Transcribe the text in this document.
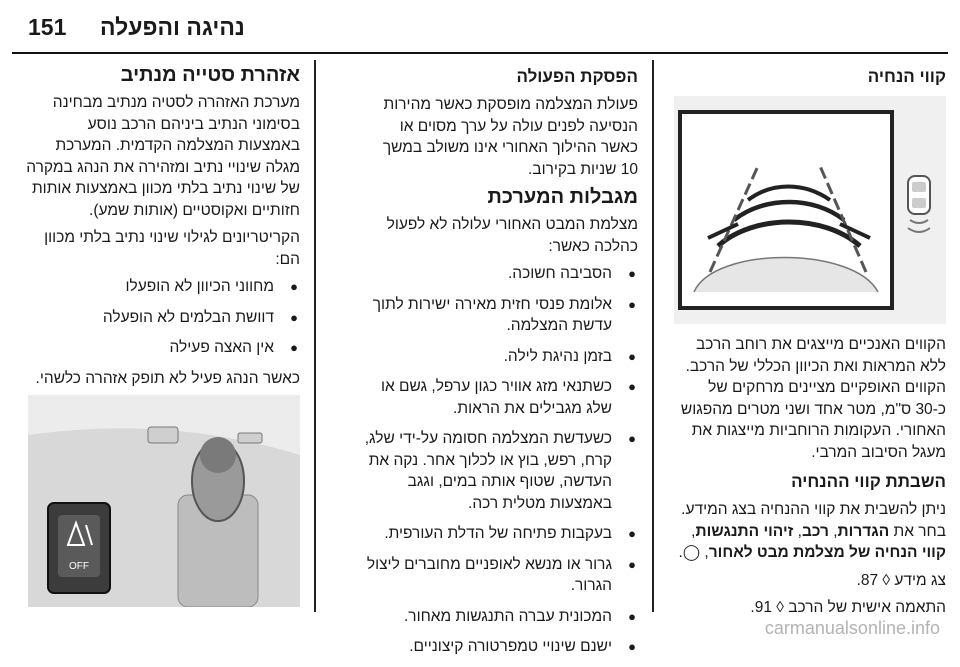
151 נהיגה והפעלה
קווי הנחיה

הקווים האנכיים מייצגים את רוחב הרכב ללא המראות ואת הכיוון הכללי של הרכב. הקווים האופקיים מציינים מרחקים של כ-30 ס"מ, מטר אחד ושני מטרים מהפגוש האחורי. העקומות הרוחביות מייצגות את מעגל הסיבוב המרבי.

השבתת קווי ההנחיה

ניתן להשבית את קווי ההנחיה בצג המידע. בחר את הגדרות, רכב, זיהוי התנגשות, קווי הנחיה של מצלמת מבט לאחור, ◯.

צג מידע ◊ 87.

התאמה אישית של הרכב ◊ 91.

הפסקת הפעולה

פעולת המצלמה מופסקת כאשר מהירות הנסיעה לפנים עולה על ערך מסוים או כאשר ההילוך האחורי אינו משולב במשך 10 שניות בקירוב.

מגבלות המערכת

מצלמת המבט האחורי עלולה לא לפעול כהלכה כאשר:

● הסביבה חשוכה.
● אלומת פנסי חזית מאירה ישירות לתוך עדשת המצלמה.
● בזמן נהיגת לילה.
● כשתנאי מזג אוויר כגון ערפל, גשם או שלג מגבילים את הראות.
● כשעדשת המצלמה חסומה על-ידי שלג, קרח, רפש, בוץ או לכלוך אחר. נקה את העדשה, שטוף אותה במים, וגגב באמצעות מטלית רכה.
● בעקבות פתיחה של הדלת העורפית.
● גרור או מנשא לאופניים מחוברים ליצול הגרור.
● המכונית עברה התנגשות מאחור.
● ישנם שינויי טמפרטורה קיצוניים.
אזהרת סטייה מנתיב

מערכת האזהרה לסטיה מנתיב מבחינה בסימוני הנתיב ביניהם הרכב נוסע באמצעות המצלמה הקדמית. המערכת מגלה שינויי נתיב ומזהירה את הנהג במקרה של שינוי נתיב בלתי מכוון באמצעות אותות חזותיים ואקוסטיים (אותות שמע).

הקריטריונים לגילוי שינוי נתיב בלתי מכוון הם:

● מחווני הכיוון לא הופעלו
● דוושת הבלמים לא הופעלה
● אין האצה פעילה

כאשר הנהג פעיל לא תופק אזהרה כלשהי.

OFF
carmanualsonline.info
